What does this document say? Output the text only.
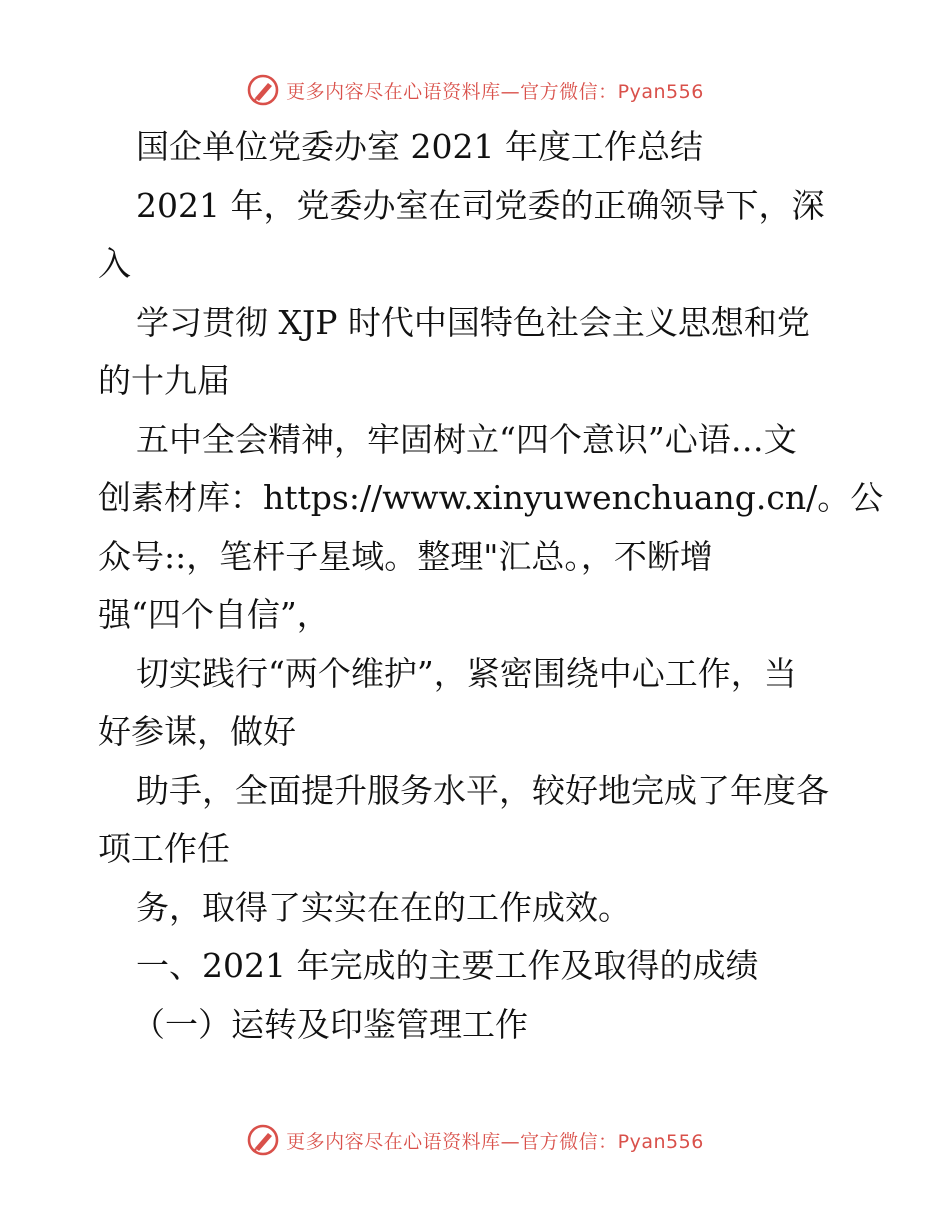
更多内容尽在心语资料库—官方微信：Pyan556
国企单位党委办室 2021 年度工作总结
2021 年，党委办室在司党委的正确领导下，深
入
学习贯彻 XJP 时代中国特色社会主义思想和党
的十九届
五中全会精神，牢固树立“四个意识”心语…文
创素材库：https://www.xinyuwenchuang.cn/。公
众号::，笔杆子星域。整理"汇总。，不断增
强“四个自信”，
切实践行“两个维护”，紧密围绕中心工作，当
好参谋，做好
助手，全面提升服务水平，较好地完成了年度各
项工作任
务，取得了实实在在的工作成效。
一、2021 年完成的主要工作及取得的成绩
（一）运转及印鉴管理工作
更多内容尽在心语资料库—官方微信：Pyan556
